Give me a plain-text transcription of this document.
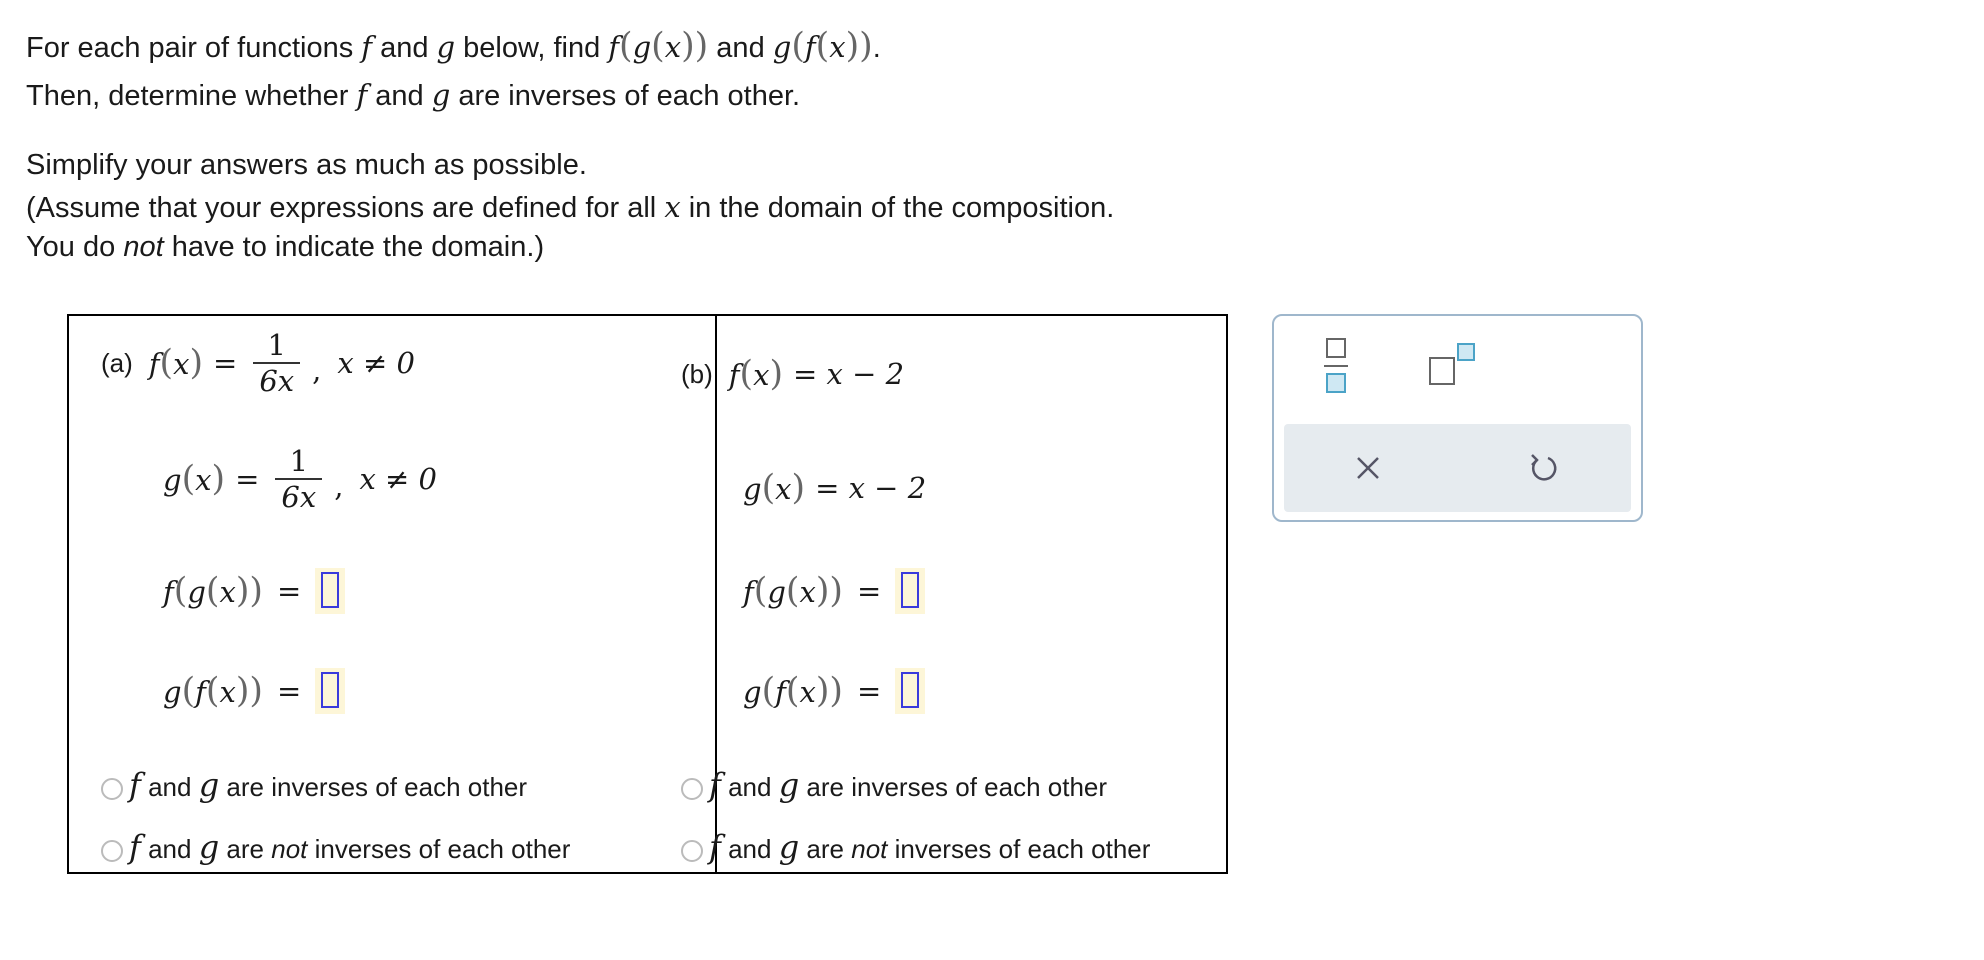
For each pair of functions f and g below, find f(g(x)) and g(f(x)).
Then, determine whether f and g are inverses of each other.
Simplify your answers as much as possible.
(Assume that your expressions are defined for all x in the domain of the composition.
You do not have to indicate the domain.)
(a) $f(x) = \frac{1}{6x}$ , x ≠ 0
$g(x) = \frac{1}{6x}$ , x ≠ 0
f(g(x)) =
g(f(x)) =
f and g are inverses of each other
f and g are not inverses of each other
(b) f(x) = x − 2
g(x) = x − 2
f(g(x)) =
g(f(x)) =
f and g are inverses of each other
f and g are not inverses of each other
